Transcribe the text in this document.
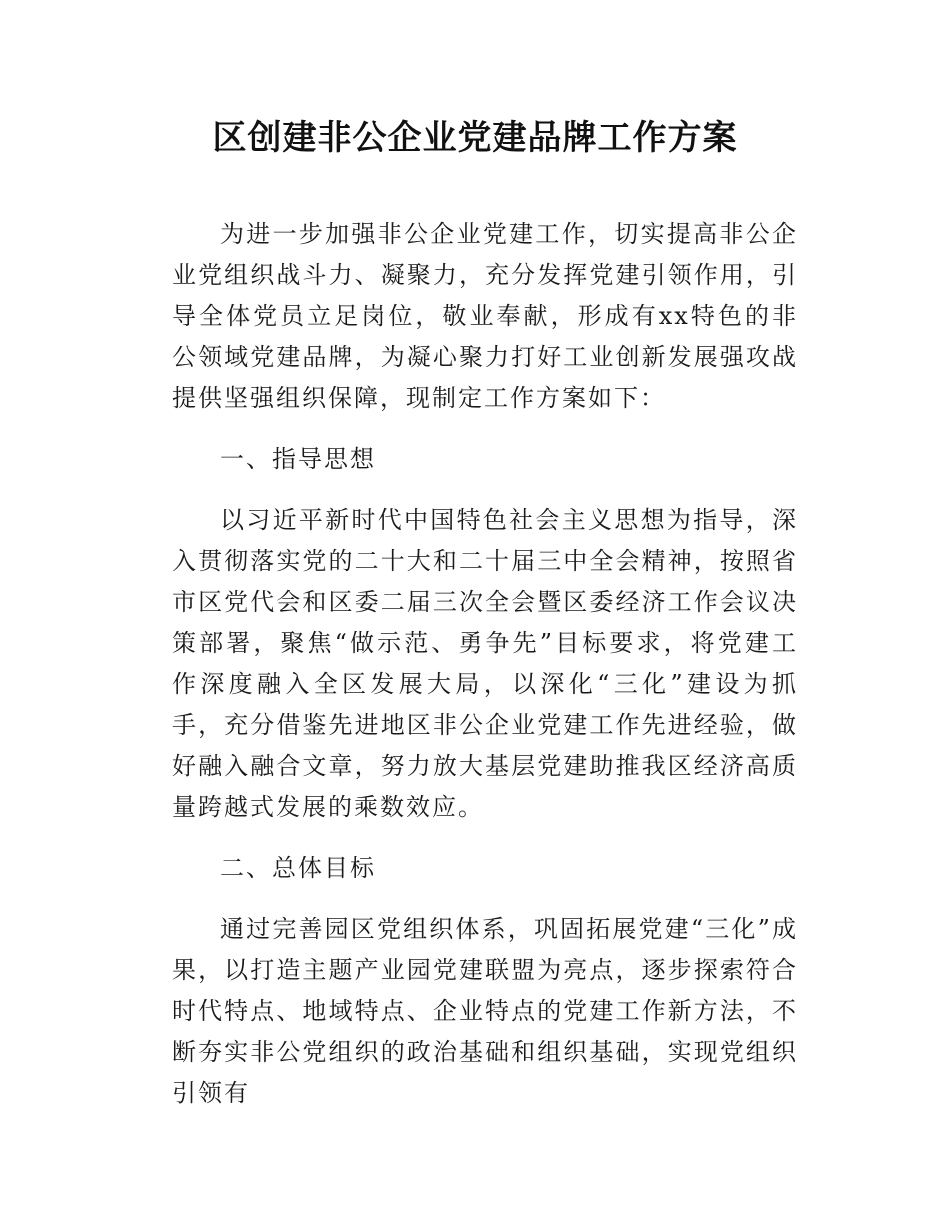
区创建非公企业党建品牌工作方案

为进一步加强非公企业党建工作，切实提高非公企业党组织战斗力、凝聚力，充分发挥党建引领作用，引导全体党员立足岗位，敬业奉献，形成有xx特色的非公领域党建品牌，为凝心聚力打好工业创新发展强攻战提供坚强组织保障，现制定工作方案如下：

一、指导思想

以习近平新时代中国特色社会主义思想为指导，深入贯彻落实党的二十大和二十届三中全会精神，按照省市区党代会和区委二届三次全会暨区委经济工作会议决策部署，聚焦“做示范、勇争先”目标要求，将党建工作深度融入全区发展大局，以深化“三化”建设为抓手，充分借鉴先进地区非公企业党建工作先进经验，做好融入融合文章，努力放大基层党建助推我区经济高质量跨越式发展的乘数效应。

二、总体目标

通过完善园区党组织体系，巩固拓展党建“三化”成果，以打造主题产业园党建联盟为亮点，逐步探索符合时代特点、地域特点、企业特点的党建工作新方法，不断夯实非公党组织的政治基础和组织基础，实现党组织引领有
